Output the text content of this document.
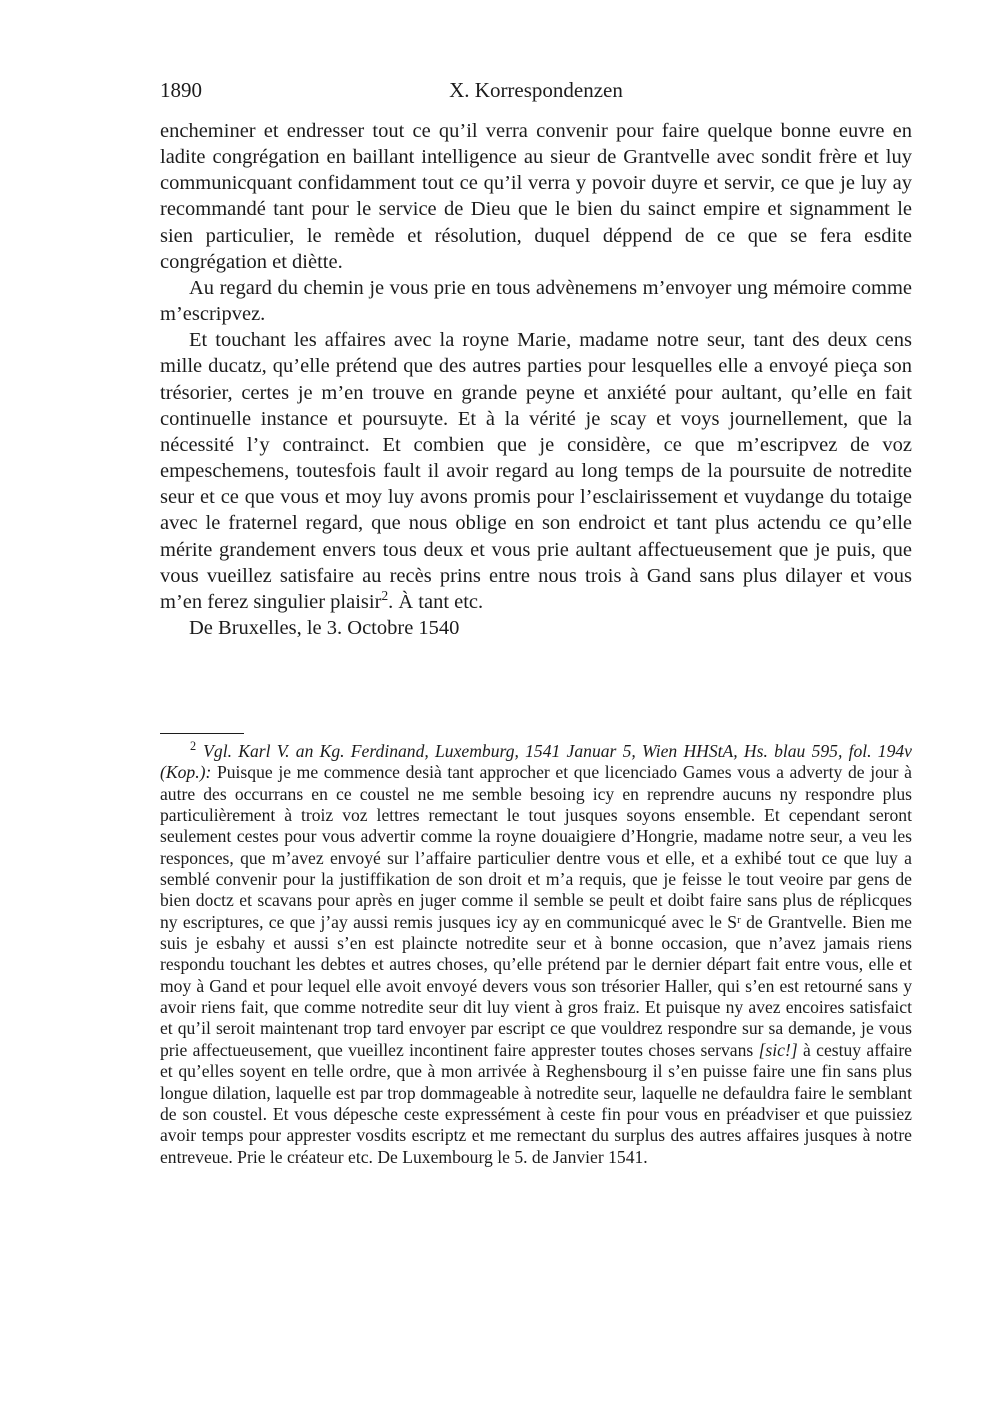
1890	X. Korrespondenzen

encheminer et endresser tout ce qu’il verra convenir pour faire quelque bonne euvre en ladite congrégation en baillant intelligence au sieur de Grantvelle avec sondit frère et luy communicquant confidamment tout ce qu’il verra y povoir duyre et servir, ce que je luy ay recommandé tant pour le service de Dieu que le bien du sainct empire et signamment le sien particulier, le remède et résolution, duquel déppend de ce que se fera esdite congrégation et diètte.

Au regard du chemin je vous prie en tous advènemens m’envoyer ung mémoire comme m’escripvez.

Et touchant les affaires avec la royne Marie, madame notre seur, tant des deux cens mille ducatz, qu’elle prétend que des autres parties pour lesquelles elle a envoyé pieça son trésorier, certes je m’en trouve en grande peyne et anxiété pour aultant, qu’elle en fait continuelle instance et poursuyte. Et à la vérité je scay et voys journellement, que la nécessité l’y contrainct. Et combien que je considère, ce que m’escripvez de voz empeschemens, toutesfois fault il avoir regard au long temps de la poursuite de notredite seur et ce que vous et moy luy avons promis pour l’esclairissement et vuydange du totaige avec le fraternel regard, que nous oblige en son endroict et tant plus actendu ce qu’elle mérite grandement envers tous deux et vous prie aultant affectueusement que je puis, que vous vueillez satisfaire au recès prins entre nous trois à Gand sans plus dilayer et vous m’en ferez singulier plaisir$^2$. À tant etc.

De Bruxelles, le 3. Octobre 1540

$^2$ Vgl. Karl V. an Kg. Ferdinand, Luxemburg, 1541 Januar 5, Wien HHStA, Hs. blau 595, fol. 194v (Kop.): Puisque je me commence desià tant approcher et que licenciado Games vous a adverty de jour à autre des occurrans en ce coustel ne me semble besoing icy en reprendre aucuns ny respondre plus particulièrement à troiz voz lettres remectant le tout jusques soyons ensemble. Et cependant seront seulement cestes pour vous advertir comme la royne douaigiere d’Hongrie, madame notre seur, a veu les responces, que m’avez envoyé sur l’affaire particulier dentre vous et elle, et a exhibé tout ce que luy a semblé convenir pour la justiffikation de son droit et m’a requis, que je feisse le tout veoire par gens de bien doctz et scavans pour après en juger comme il semble se peult et doibt faire sans plus de réplicques ny escriptures, ce que j’ay aussi remis jusques icy ay en communicqué avec le Sʳ de Grantvelle. Bien me suis je esbahy et aussi s’en est plaincte notredite seur et à bonne occasion, que n’avez jamais riens respondu touchant les debtes et autres choses, qu’elle prétend par le dernier départ fait entre vous, elle et moy à Gand et pour lequel elle avoit envoyé devers vous son trésorier Haller, qui s’en est retourné sans y avoir riens fait, que comme notredite seur dit luy vient à gros fraiz. Et puisque ny avez encoires satisfaict et qu’il seroit maintenant trop tard envoyer par escript ce que vouldrez respondre sur sa demande, je vous prie affectueusement, que vueillez incontinent faire apprester toutes choses servans [sic!] à cestuy affaire et qu’elles soyent en telle ordre, que à mon arrivée à Reghensbourg il s’en puisse faire une fin sans plus longue dilation, laquelle est par trop dommageable à notredite seur, laquelle ne defauldra faire le semblant de son coustel. Et vous dépesche ceste expressément à ceste fin pour vous en préadviser et que puissiez avoir temps pour apprester vosdits escriptz et me remectant du surplus des autres affaires jusques à notre entreveue. Prie le créateur etc. De Luxembourg le 5. de Janvier 1541.
